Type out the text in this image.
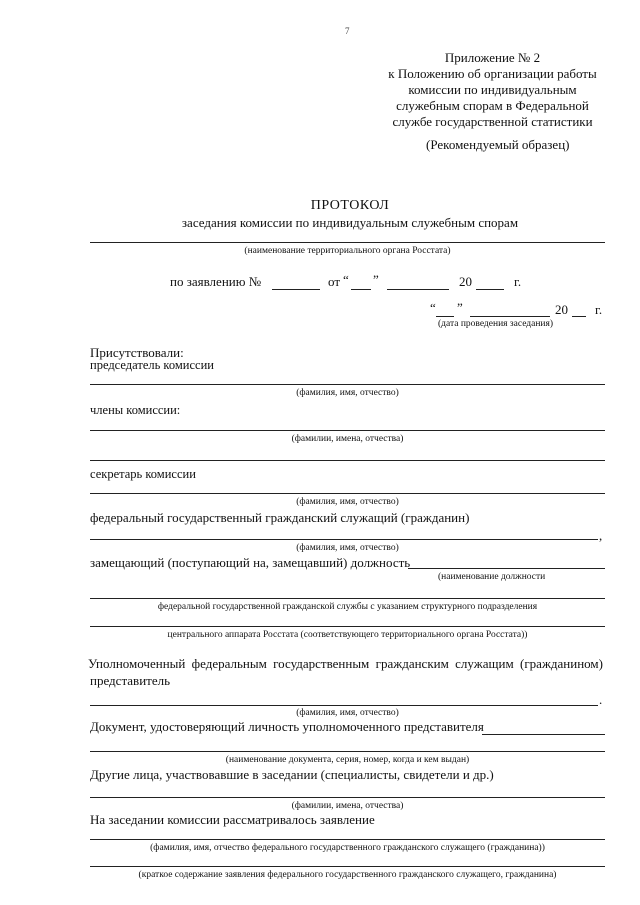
7
Приложение № 2
к Положению об организации работы
комиссии по индивидуальным
служебным спорам в Федеральной
службе государственной статистики
(Рекомендуемый образец)
ПРОТОКОЛ
заседания комиссии по индивидуальным служебным спорам
(наименование территориального органа Росстата)
по заявлению №	от “ ”	20	г.
“ ”	20 г.
(дата проведения заседания)
Присутствовали:
председатель комиссии
(фамилия, имя, отчество)
члены комиссии:
(фамилии, имена, отчества)
секретарь комиссии
(фамилия, имя, отчество)
федеральный государственный гражданский служащий (гражданин)
,
(фамилия, имя, отчество)
замещающий (поступающий на, замещавший) должность
(наименование должности
федеральной государственной гражданской службы с указанием структурного подразделения
центрального аппарата Росстата (соответствующего территориального органа Росстата))
Уполномоченный федеральным государственным гражданским служащим (гражданином)
представитель
.
(фамилия, имя, отчество)
Документ, удостоверяющий личность уполномоченного представителя
(наименование документа, серия, номер, когда и кем выдан)
Другие лица, участвовавшие в заседании (специалисты, свидетели и др.)
(фамилии, имена, отчества)
На заседании комиссии рассматривалось заявление
(фамилия, имя, отчество федерального государственного гражданского служащего (гражданина))
(краткое содержание заявления федерального государственного гражданского служащего, гражданина)
